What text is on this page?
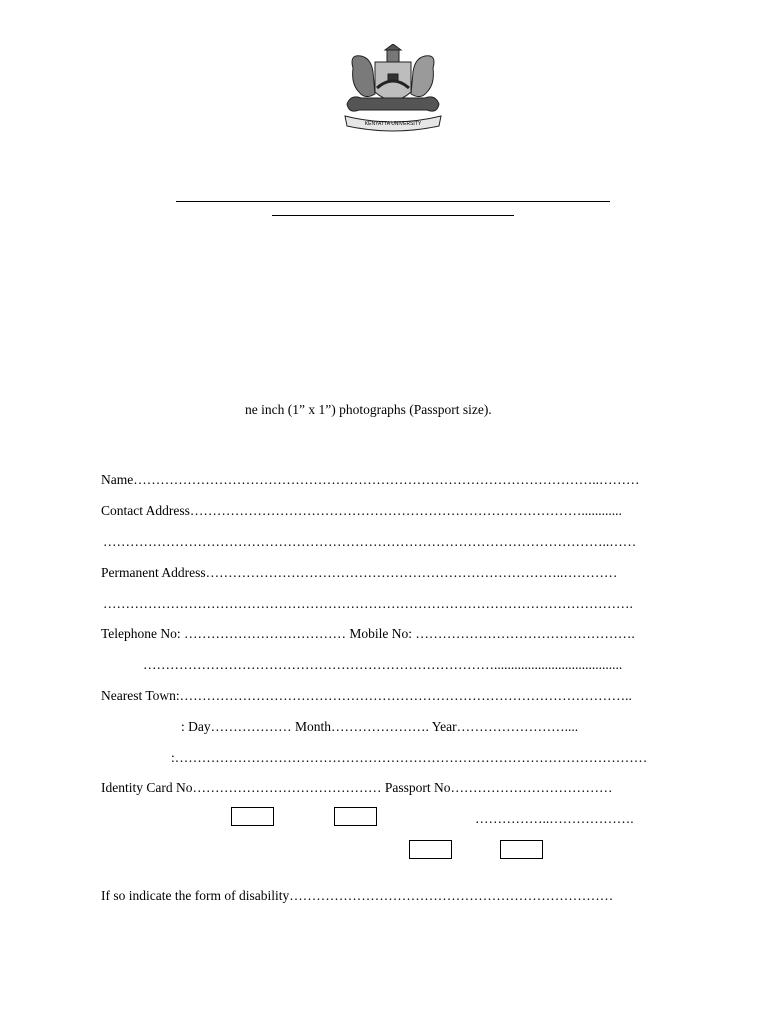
KENYATTA UNIVERSITY
ne inch (1” x 1”) photographs (Passport size).
Name…………………………………………………………………………………………..………
Contact Address……………………………………………………………………………............
…………………………………………………………………………………………………..……
Permanent Address……………………………………………………………………..…………
……………………………………………………………………………………………………….
Telephone No: ……………………………… Mobile No: ………………………………………….
……………………………………………………………………......................................
Nearest Town:………………………………………………………………………………………..
: Day……………… Month…………………. Year……………………....
:……………………………………………………………………………………………
Identity Card No…………………………………… Passport No………………………………
……………..……………….
If so indicate the form of disability………………………………………………………………
